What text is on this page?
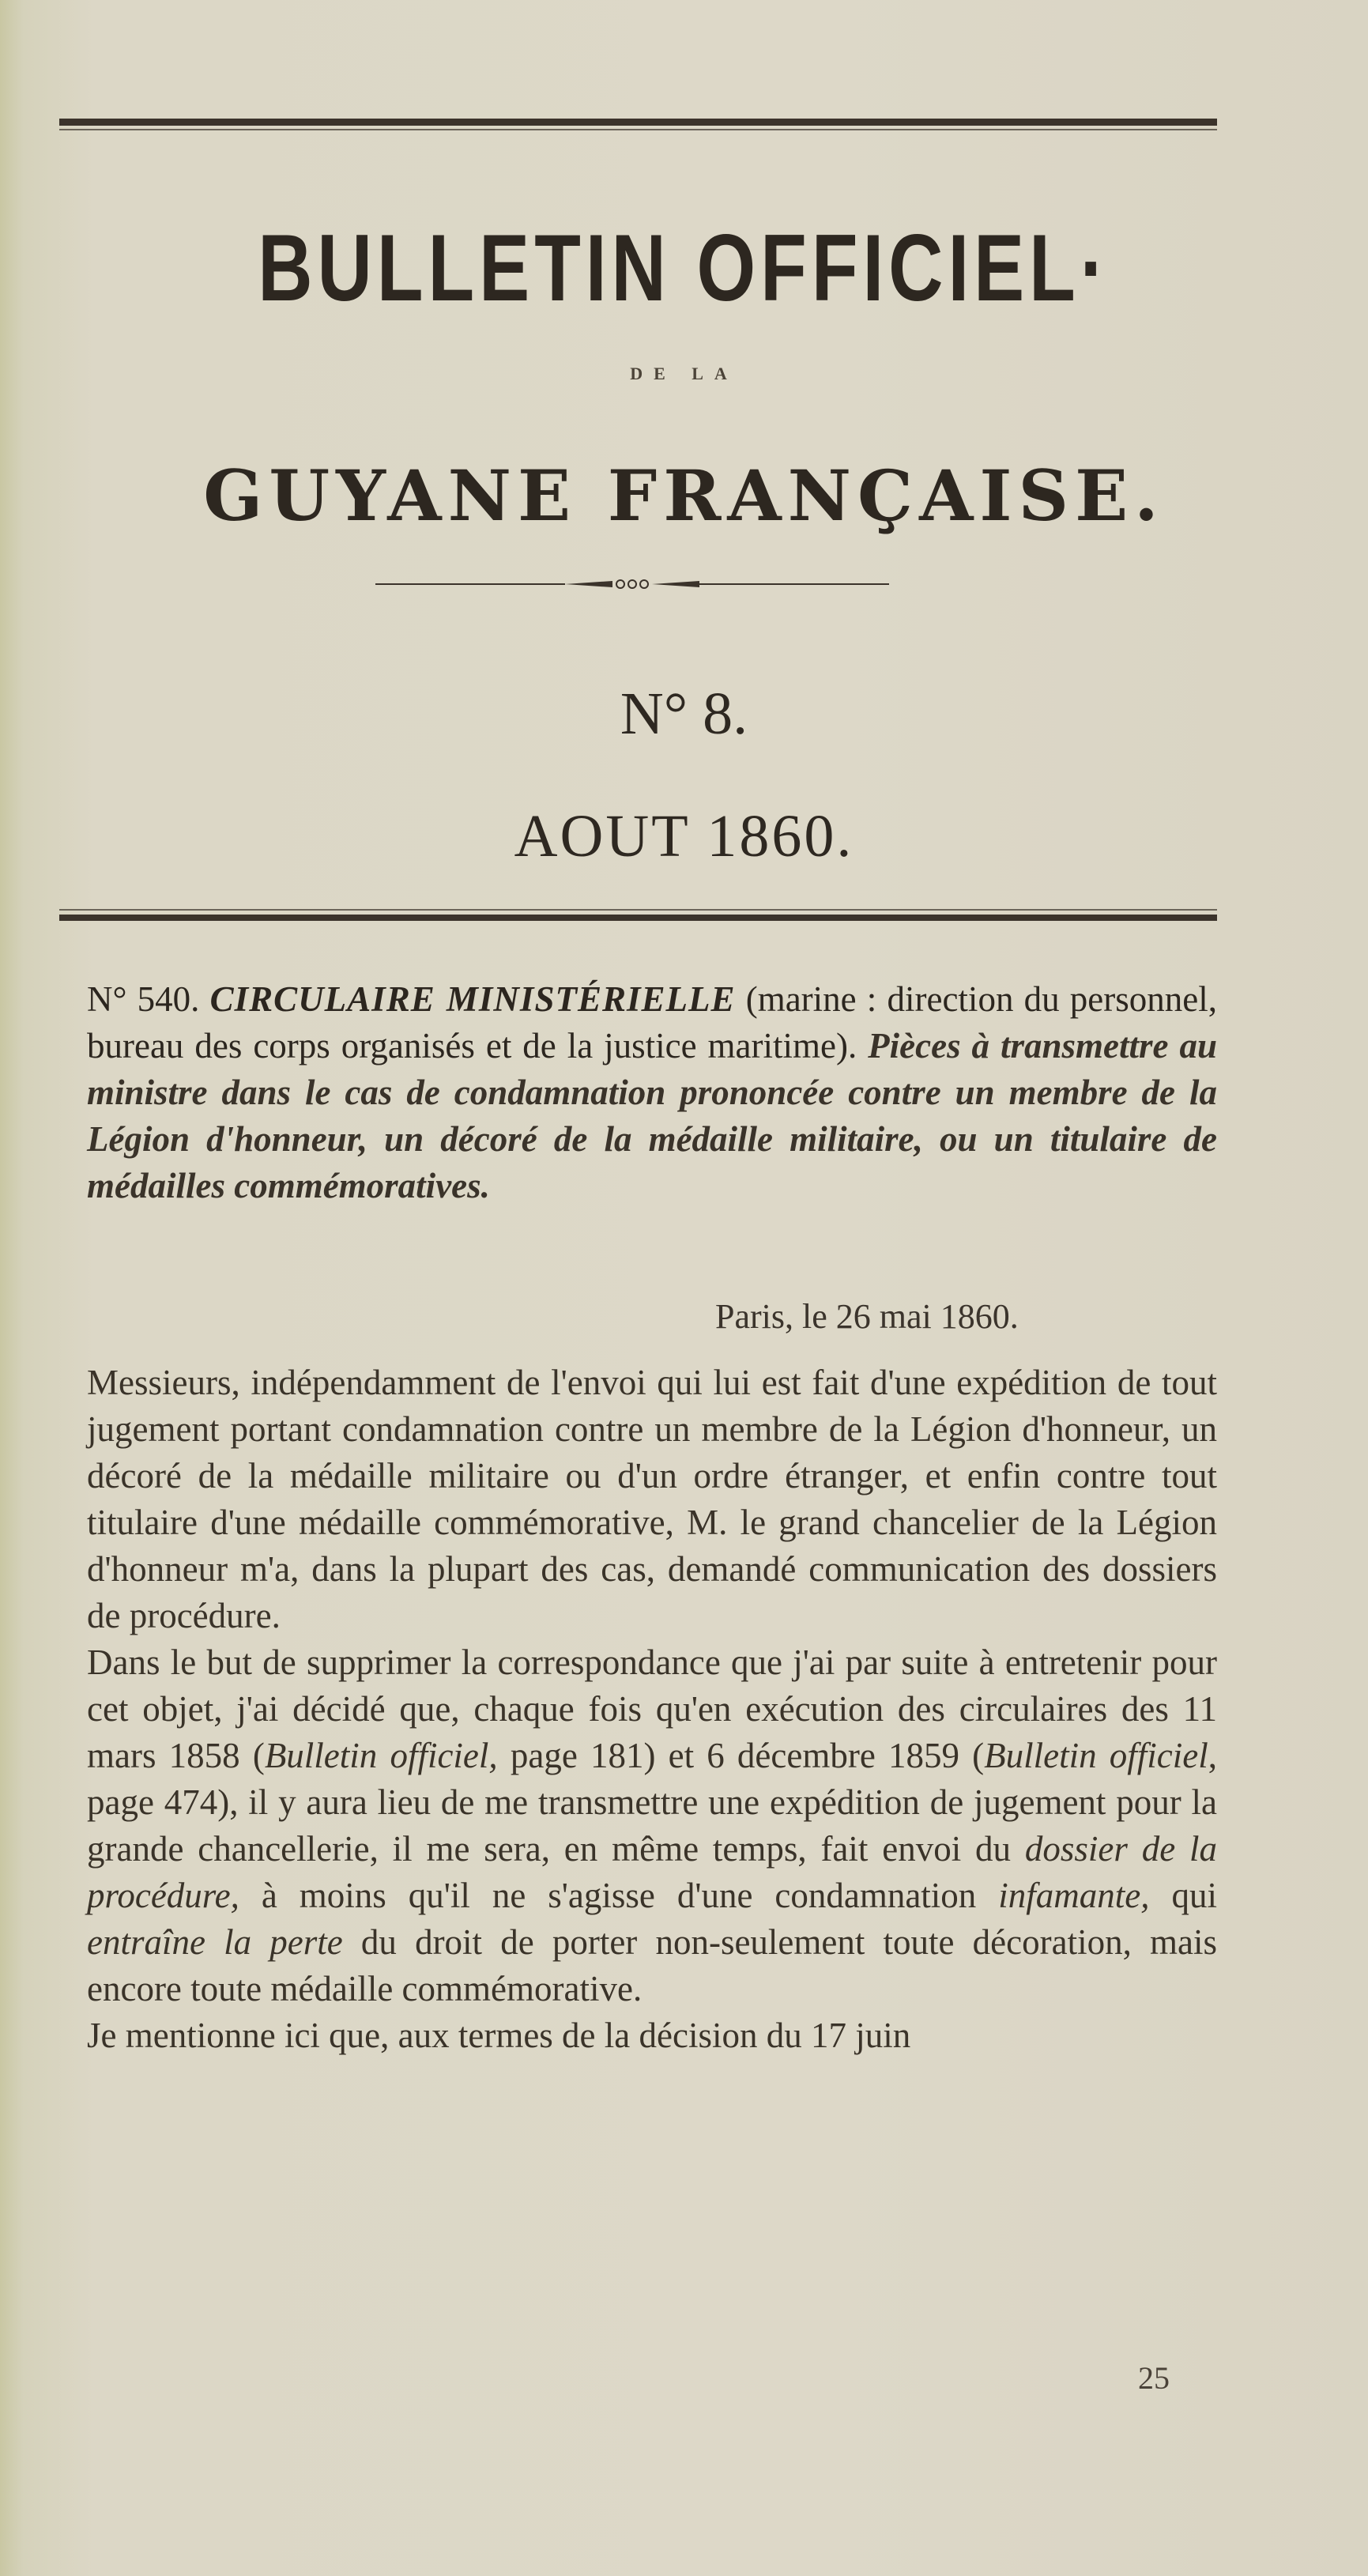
BULLETIN OFFICIEL·
DE LA
GUYANE FRANÇAISE.
N° 8.
AOUT 1860.

N° 540. CIRCULAIRE MINISTÉRIELLE (marine : direction du personnel, bureau des corps organisés et de la justice maritime). Pièces à transmettre au ministre dans le cas de condamnation prononcée contre un membre de la Légion d'honneur, un décoré de la médaille militaire, ou un titulaire de médailles commémoratives.

Paris, le 26 mai 1860.

Messieurs, indépendamment de l'envoi qui lui est fait d'une expédition de tout jugement portant condamnation contre un membre de la Légion d'honneur, un décoré de la médaille militaire ou d'un ordre étranger, et enfin contre tout titulaire d'une médaille commémorative, M. le grand chancelier de la Légion d'honneur m'a, dans la plupart des cas, demandé communication des dossiers de procédure.

Dans le but de supprimer la correspondance que j'ai par suite à entretenir pour cet objet, j'ai décidé que, chaque fois qu'en exécution des circulaires des 11 mars 1858 (Bulletin officiel, page 181) et 6 décembre 1859 (Bulletin officiel, page 474), il y aura lieu de me transmettre une expédition de jugement pour la grande chancellerie, il me sera, en même temps, fait envoi du dossier de la procédure, à moins qu'il ne s'agisse d'une condamnation infamante, qui entraîne la perte du droit de porter non-seulement toute décoration, mais encore toute médaille commémorative.

Je mentionne ici que, aux termes de la décision du 17 juin

25
